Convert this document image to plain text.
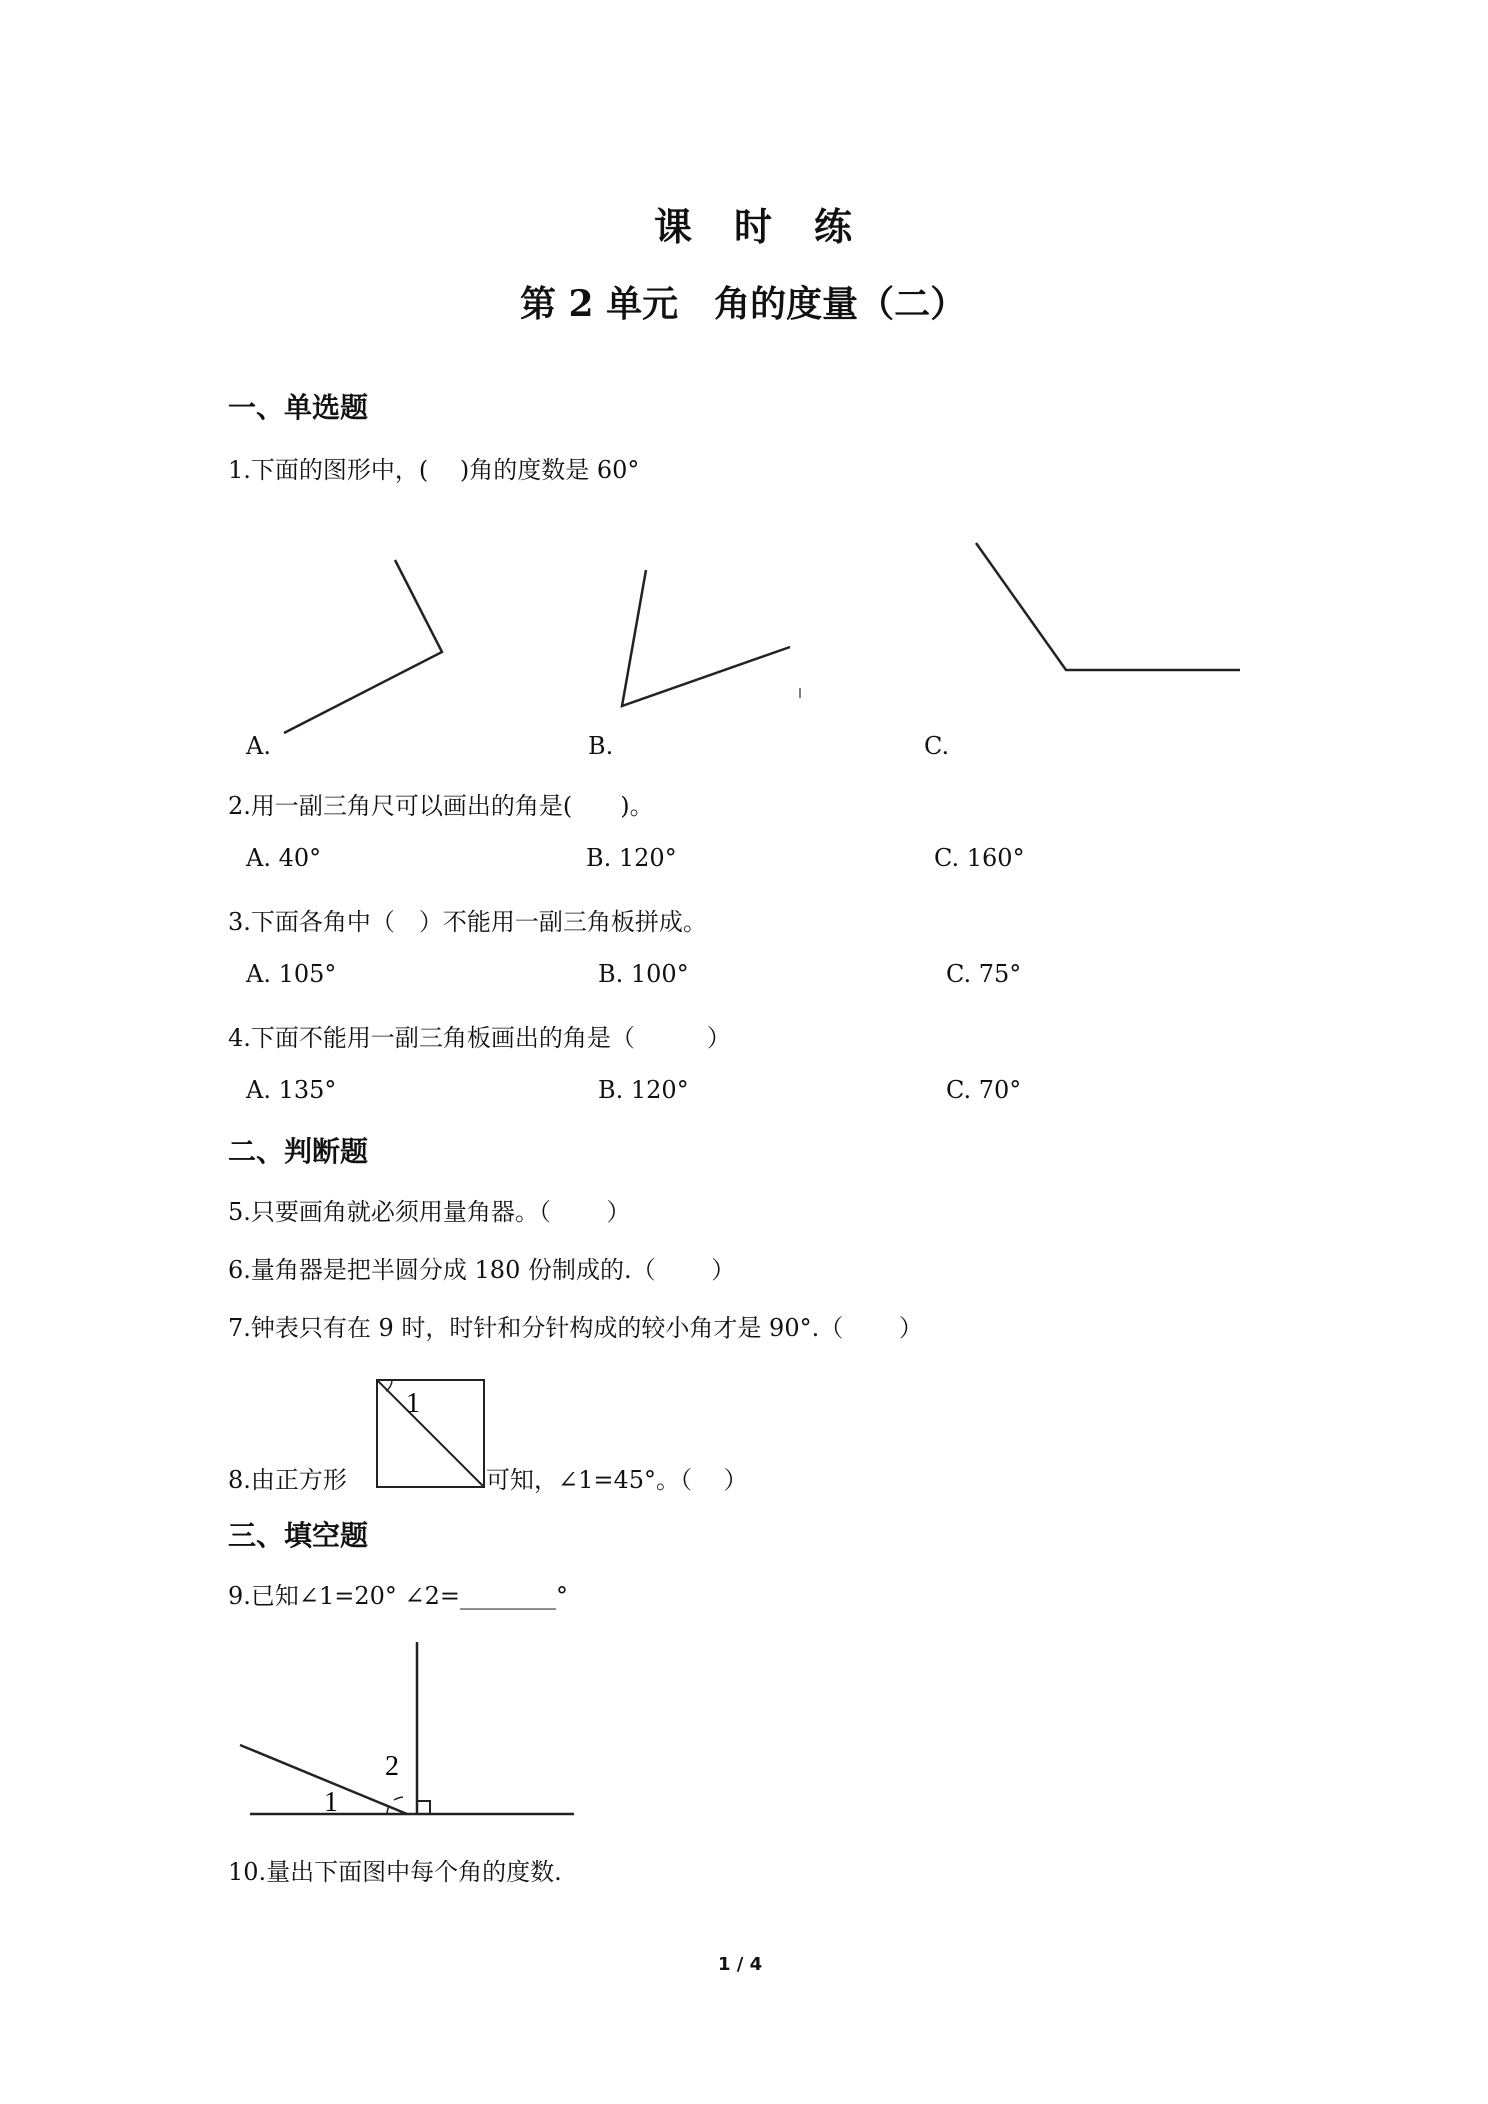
课　时　练
第 2 单元　角的度量（二）
一、单选题
1.下面的图形中，(　 )角的度数是 60°
1
1
2
A.	B.	C.
2.用一副三角尺可以画出的角是(　　)。
A. 40°	B. 120°	C. 160°
3.下面各角中（　）不能用一副三角板拼成。
A. 105°	B. 100°	C. 75°
4.下面不能用一副三角板画出的角是（　　　）
A. 135°	B. 120°	C. 70°
二、判断题
5.只要画角就必须用量角器。（　　 ）
6.量角器是把半圆分成 180 份制成的.（　　 ）
7.钟表只有在 9 时，时针和分针构成的较小角才是 90°.（　　 ）
8.由正方形	可知，∠1=45°。（　 ）
三、填空题
9.已知∠1=20° ∠2=________°
10.量出下面图中每个角的度数.
1 / 4
